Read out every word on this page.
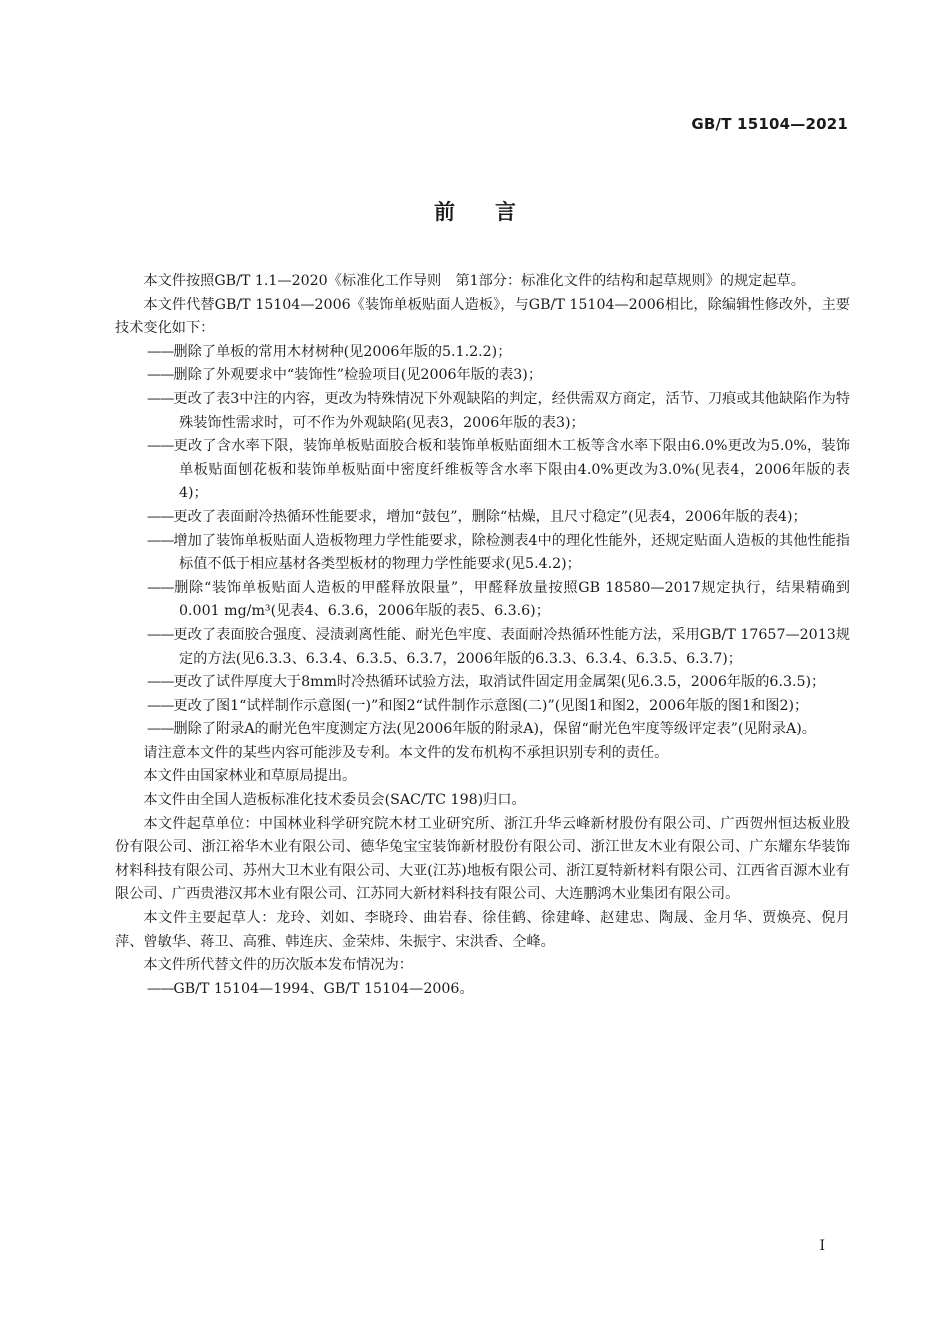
GB/T 15104—2021
前言

本文件按照GB/T 1.1—2020《标准化工作导则　第1部分：标准化文件的结构和起草规则》的规定起草。

本文件代替GB/T 15104—2006《装饰单板贴面人造板》，与GB/T 15104—2006相比，除编辑性修改外，主要技术变化如下：

——删除了单板的常用木材树种(见2006年版的5.1.2.2)；

——删除了外观要求中“装饰性”检验项目(见2006年版的表3)；

——更改了表3中注的内容，更改为特殊情况下外观缺陷的判定，经供需双方商定，活节、刀痕或其他缺陷作为特殊装饰性需求时，可不作为外观缺陷(见表3，2006年版的表3)；

——更改了含水率下限，装饰单板贴面胶合板和装饰单板贴面细木工板等含水率下限由6.0%更改为5.0%，装饰单板贴面刨花板和装饰单板贴面中密度纤维板等含水率下限由4.0%更改为3.0%(见表4，2006年版的表4)；

——更改了表面耐冷热循环性能要求，增加“鼓包”，删除“枯燥，且尺寸稳定”(见表4，2006年版的表4)；

——增加了装饰单板贴面人造板物理力学性能要求，除检测表4中的理化性能外，还规定贴面人造板的其他性能指标值不低于相应基材各类型板材的物理力学性能要求(见5.4.2)；

——删除“装饰单板贴面人造板的甲醛释放限量”，甲醛释放量按照GB 18580—2017规定执行，结果精确到0.001 mg/m³(见表4、6.3.6，2006年版的表5、6.3.6)；

——更改了表面胶合强度、浸渍剥离性能、耐光色牢度、表面耐冷热循环性能方法，采用GB/T 17657—2013规定的方法(见6.3.3、6.3.4、6.3.5、6.3.7，2006年版的6.3.3、6.3.4、6.3.5、6.3.7)；

——更改了试件厚度大于8mm时冷热循环试验方法，取消试件固定用金属架(见6.3.5，2006年版的6.3.5)；

——更改了图1“试样制作示意图(一)”和图2“试件制作示意图(二)”(见图1和图2，2006年版的图1和图2)；

——删除了附录A的耐光色牢度测定方法(见2006年版的附录A)，保留“耐光色牢度等级评定表”(见附录A)。

请注意本文件的某些内容可能涉及专利。本文件的发布机构不承担识别专利的责任。

本文件由国家林业和草原局提出。

本文件由全国人造板标准化技术委员会(SAC/TC 198)归口。

本文件起草单位：中国林业科学研究院木材工业研究所、浙江升华云峰新材股份有限公司、广西贺州恒达板业股份有限公司、浙江裕华木业有限公司、德华兔宝宝装饰新材股份有限公司、浙江世友木业有限公司、广东耀东华装饰材料科技有限公司、苏州大卫木业有限公司、大亚(江苏)地板有限公司、浙江夏特新材料有限公司、江西省百源木业有限公司、广西贵港汉邦木业有限公司、江苏同大新材料科技有限公司、大连鹏鸿木业集团有限公司。

本文件主要起草人：龙玲、刘如、李晓玲、曲岩春、徐佳鹤、徐建峰、赵建忠、陶晟、金月华、贾焕亮、倪月萍、曾敏华、蒋卫、高雅、韩连庆、金荣炜、朱振宇、宋洪香、仝峰。

本文件所代替文件的历次版本发布情况为：

——GB/T 15104—1994、GB/T 15104—2006。

I
